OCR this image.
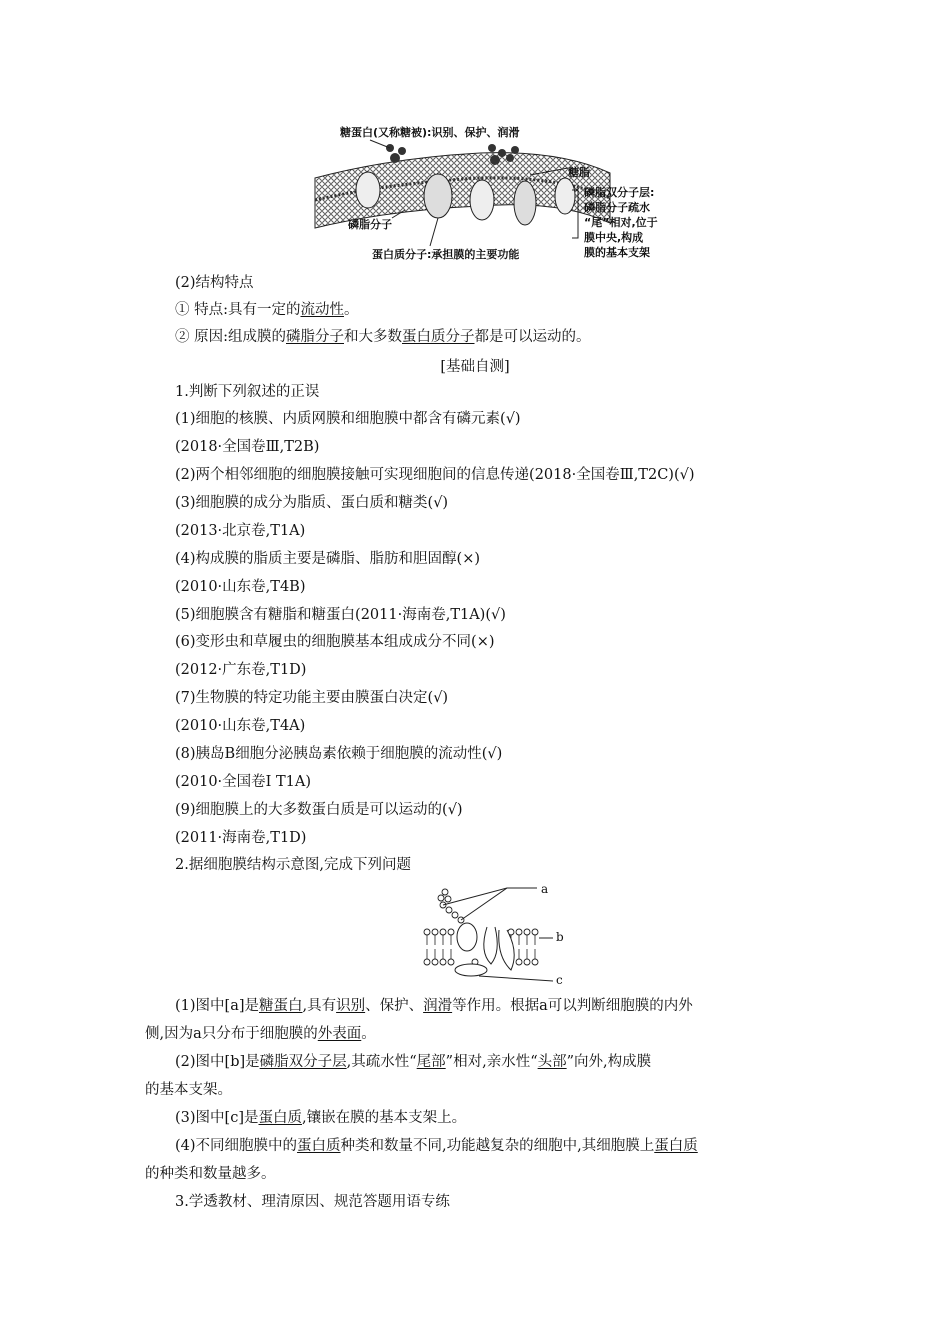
糖蛋白(又称糖被):识别、保护、润滑
糖脂
磷脂双分子层:
磷脂分子疏水
“尾”相对,位于
膜中央,构成
膜的基本支架
磷脂分子
蛋白质分子:承担膜的主要功能
(2)结构特点
① 特点:具有一定的流动性。
② 原因:组成膜的磷脂分子和大多数蛋白质分子都是可以运动的。
[基础自测]
1.判断下列叙述的正误
(1)细胞的核膜、内质网膜和细胞膜中都含有磷元素(√)
(2018·全国卷Ⅲ,T2B)
(2)两个相邻细胞的细胞膜接触可实现细胞间的信息传递(2018·全国卷Ⅲ,T2C)(√)
(3)细胞膜的成分为脂质、蛋白质和糖类(√)
(2013·北京卷,T1A)
(4)构成膜的脂质主要是磷脂、脂肪和胆固醇(×)
(2010·山东卷,T4B)
(5)细胞膜含有糖脂和糖蛋白(2011·海南卷,T1A)(√)
(6)变形虫和草履虫的细胞膜基本组成成分不同(×)
(2012·广东卷,T1D)
(7)生物膜的特定功能主要由膜蛋白决定(√)
(2010·山东卷,T4A)
(8)胰岛B细胞分泌胰岛素依赖于细胞膜的流动性(√)
(2010·全国卷Ⅰ T1A)
(9)细胞膜上的大多数蛋白质是可以运动的(√)
(2011·海南卷,T1D)
2.据细胞膜结构示意图,完成下列问题
a
b
c
(1)图中[a]是糖蛋白,具有识别、保护、润滑等作用。根据a可以判断细胞膜的内外
侧,因为a只分布于细胞膜的外表面。
(2)图中[b]是磷脂双分子层,其疏水性“尾部”相对,亲水性“头部”向外,构成膜
的基本支架。
(3)图中[c]是蛋白质,镶嵌在膜的基本支架上。
(4)不同细胞膜中的蛋白质种类和数量不同,功能越复杂的细胞中,其细胞膜上蛋白质
的种类和数量越多。
3.学透教材、理清原因、规范答题用语专练
